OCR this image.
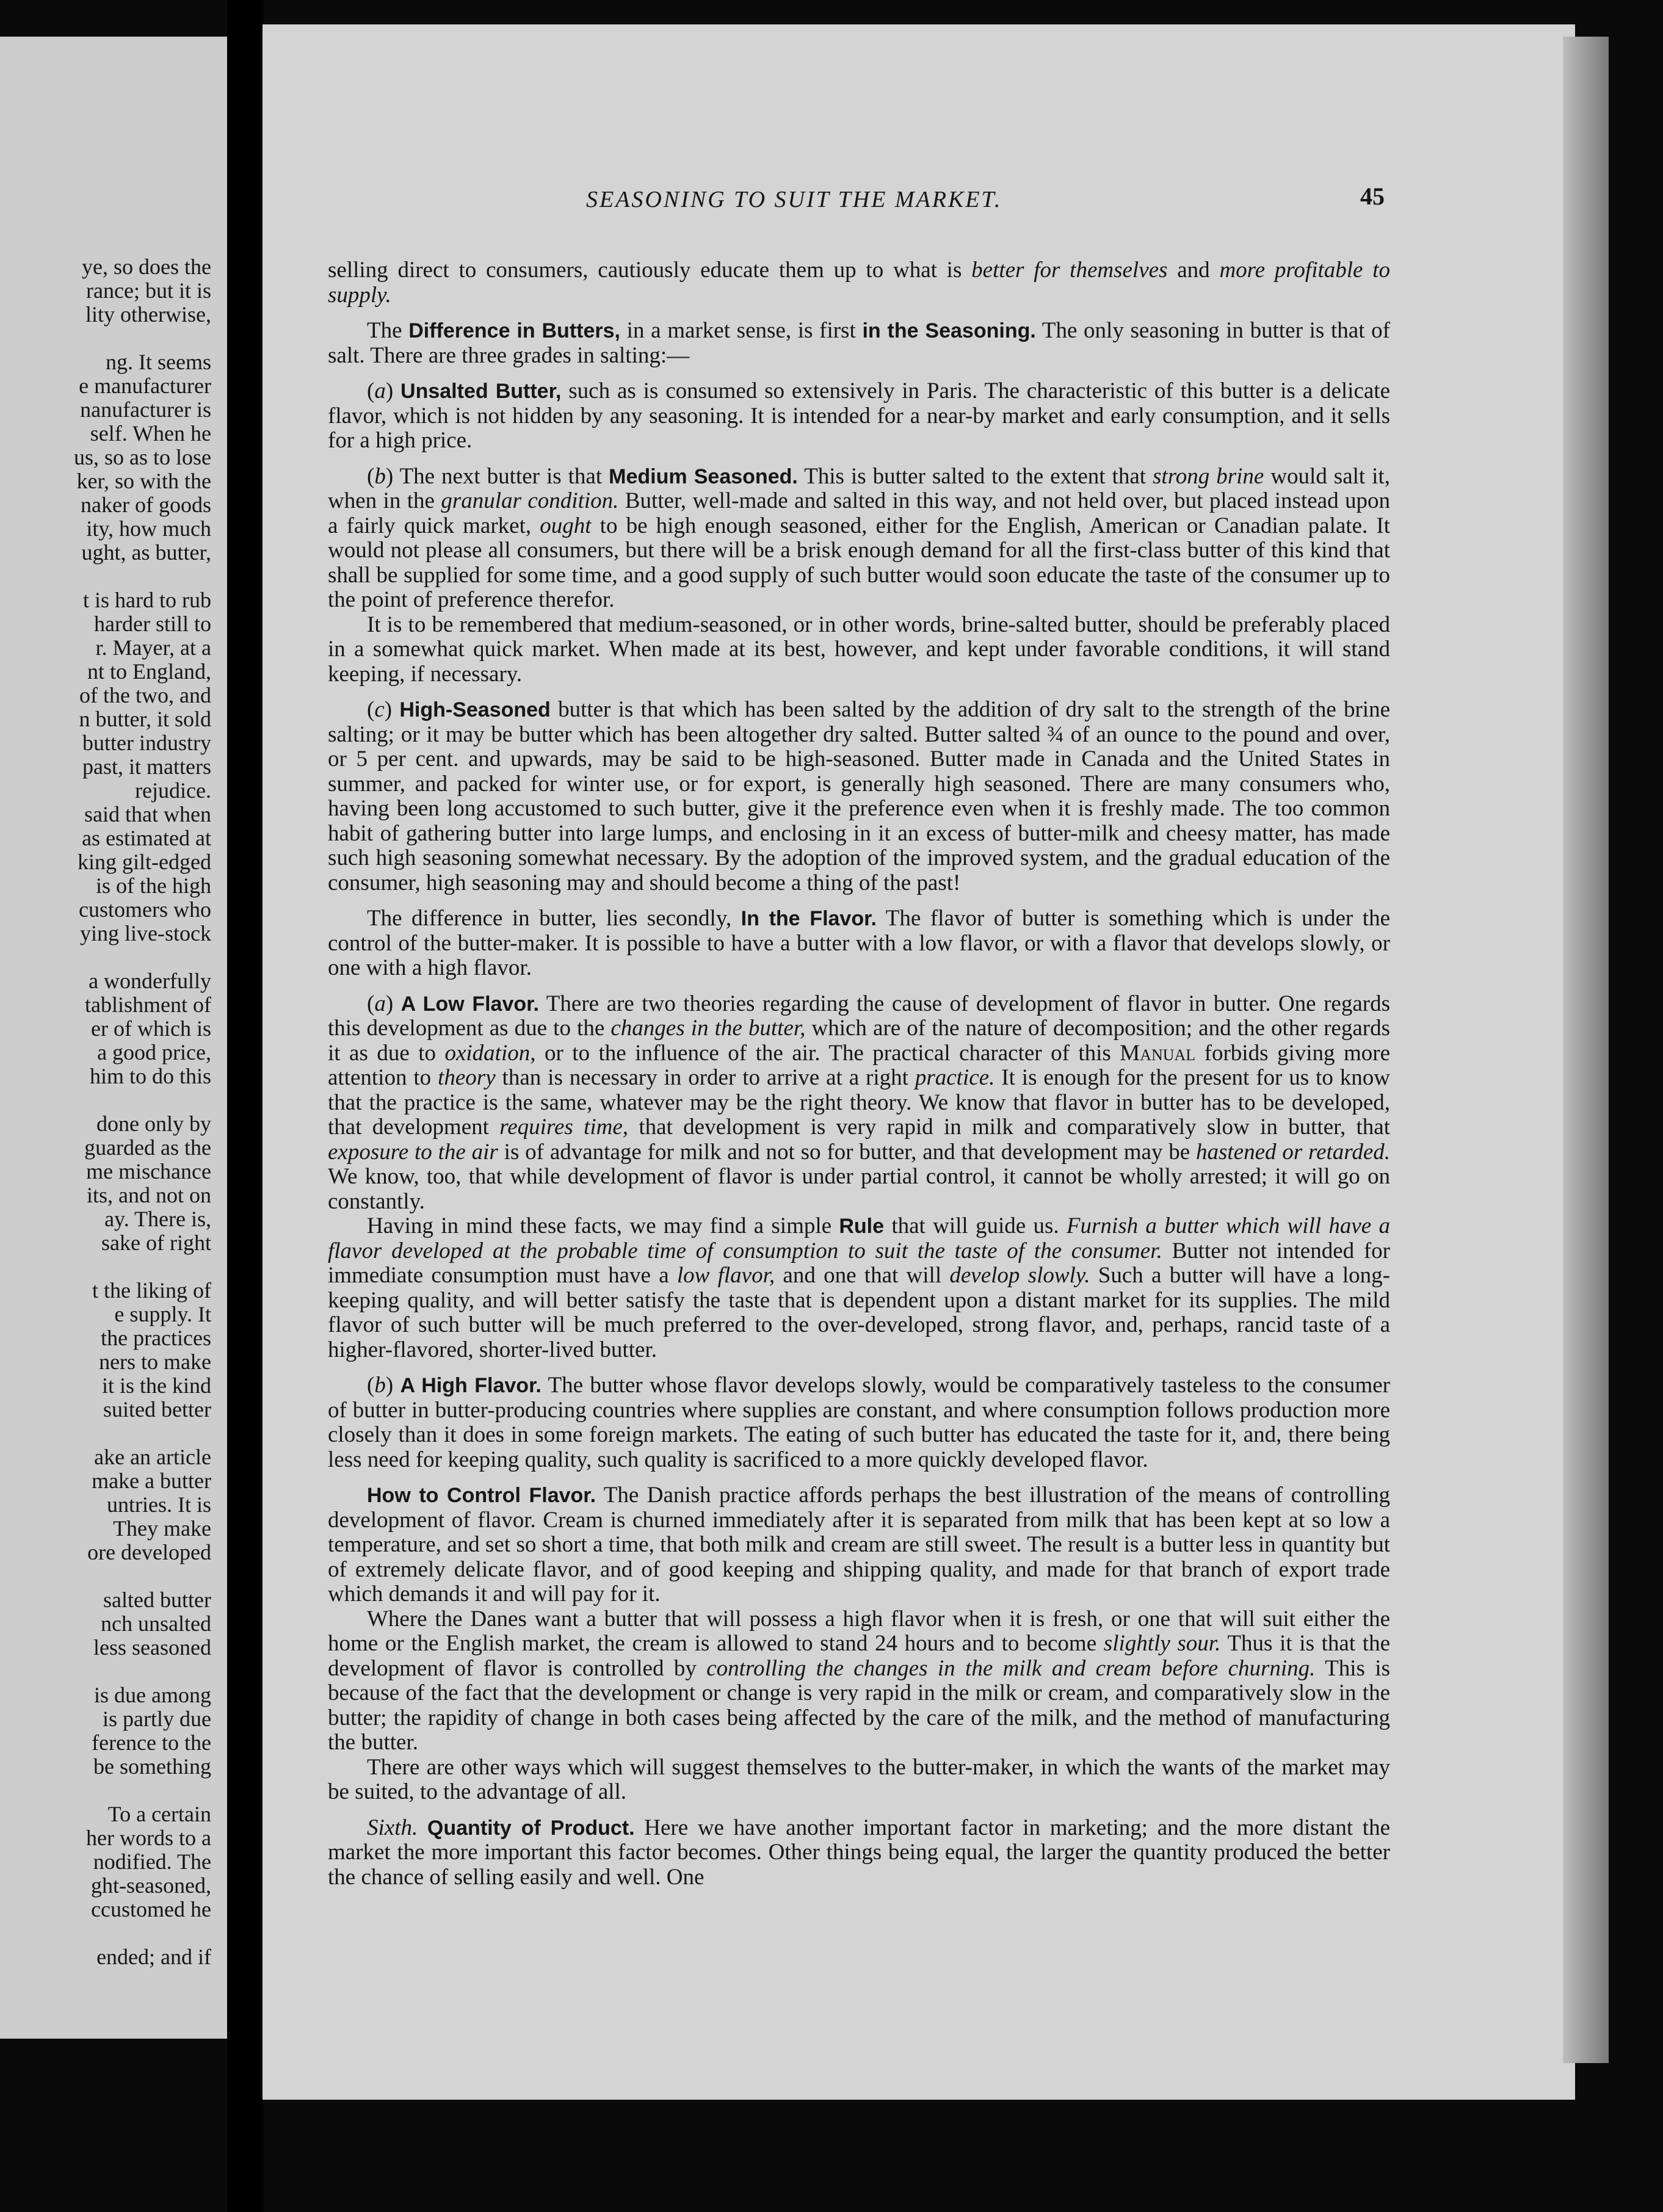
ye, so does the
rance; but it is
lity otherwise,
ng. It seems
e manufacturer
nanufacturer is
self. When he
us, so as to lose
ker, so with the
naker of goods
ity, how much
ught, as butter,
t is hard to rub
harder still to
r. Mayer, at a
nt to England,
of the two, and
n butter, it sold
butter industry
past, it matters
rejudice.
said that when
as estimated at
king gilt-edged
is of the high
customers who
ying live-stock
a wonderfully
tablishment of
er of which is
a good price,
him to do this
done only by
guarded as the
me mischance
its, and not on
ay. There is,
sake of right
t the liking of
e supply. It
the practices
ners to make
it is the kind
suited better
ake an article
make a butter
untries. It is
They make
ore developed
salted butter
nch unsalted
less seasoned
is due among
is partly due
ference to the
be something
To a certain
her words to a
nodified. The
ght-seasoned,
ccustomed he
ended; and if
SEASONING TO SUIT THE MARKET.	45

selling direct to consumers, cautiously educate them up to what is better for themselves and more profitable to supply.

The Difference in Butters, in a market sense, is first in the Seasoning. The only seasoning in butter is that of salt. There are three grades in salting:—

(a) Unsalted Butter, such as is consumed so extensively in Paris. The characteristic of this butter is a delicate flavor, which is not hidden by any seasoning. It is intended for a near-by market and early consumption, and it sells for a high price.

(b) The next butter is that Medium Seasoned. This is butter salted to the extent that strong brine would salt it, when in the granular condition. Butter, well-made and salted in this way, and not held over, but placed instead upon a fairly quick market, ought to be high enough seasoned, either for the English, American or Canadian palate. It would not please all consumers, but there will be a brisk enough demand for all the first-class butter of this kind that shall be supplied for some time, and a good supply of such butter would soon educate the taste of the consumer up to the point of preference therefor.

It is to be remembered that medium-seasoned, or in other words, brine-salted butter, should be preferably placed in a somewhat quick market. When made at its best, however, and kept under favorable conditions, it will stand keeping, if necessary.

(c) High-Seasoned butter is that which has been salted by the addition of dry salt to the strength of the brine salting; or it may be butter which has been altogether dry salted. Butter salted ¾ of an ounce to the pound and over, or 5 per cent. and upwards, may be said to be high-seasoned. Butter made in Canada and the United States in summer, and packed for winter use, or for export, is generally high seasoned. There are many consumers who, having been long accustomed to such butter, give it the preference even when it is freshly made. The too common habit of gathering butter into large lumps, and enclosing in it an excess of butter-milk and cheesy matter, has made such high seasoning somewhat necessary. By the adoption of the improved system, and the gradual education of the consumer, high seasoning may and should become a thing of the past!

The difference in butter, lies secondly, In the Flavor. The flavor of butter is something which is under the control of the butter-maker. It is possible to have a butter with a low flavor, or with a flavor that develops slowly, or one with a high flavor.

(a) A Low Flavor. There are two theories regarding the cause of development of flavor in butter. One regards this development as due to the changes in the butter, which are of the nature of decomposition; and the other regards it as due to oxidation, or to the influence of the air. The practical character of this Manual forbids giving more attention to theory than is necessary in order to arrive at a right practice. It is enough for the present for us to know that the practice is the same, whatever may be the right theory. We know that flavor in butter has to be developed, that development requires time, that development is very rapid in milk and comparatively slow in butter, that exposure to the air is of advantage for milk and not so for butter, and that development may be hastened or retarded. We know, too, that while development of flavor is under partial control, it cannot be wholly arrested; it will go on constantly.

Having in mind these facts, we may find a simple Rule that will guide us. Furnish a butter which will have a flavor developed at the probable time of consumption to suit the taste of the consumer. Butter not intended for immediate consumption must have a low flavor, and one that will develop slowly. Such a butter will have a long-keeping quality, and will better satisfy the taste that is dependent upon a distant market for its supplies. The mild flavor of such butter will be much preferred to the over-developed, strong flavor, and, perhaps, rancid taste of a higher-flavored, shorter-lived butter.

(b) A High Flavor. The butter whose flavor develops slowly, would be comparatively tasteless to the consumer of butter in butter-producing countries where supplies are constant, and where consumption follows production more closely than it does in some foreign markets. The eating of such butter has educated the taste for it, and, there being less need for keeping quality, such quality is sacrificed to a more quickly developed flavor.

How to Control Flavor. The Danish practice affords perhaps the best illustration of the means of controlling development of flavor. Cream is churned immediately after it is separated from milk that has been kept at so low a temperature, and set so short a time, that both milk and cream are still sweet. The result is a butter less in quantity but of extremely delicate flavor, and of good keeping and shipping quality, and made for that branch of export trade which demands it and will pay for it.

Where the Danes want a butter that will possess a high flavor when it is fresh, or one that will suit either the home or the English market, the cream is allowed to stand 24 hours and to become slightly sour. Thus it is that the development of flavor is controlled by controlling the changes in the milk and cream before churning. This is because of the fact that the development or change is very rapid in the milk or cream, and comparatively slow in the butter; the rapidity of change in both cases being affected by the care of the milk, and the method of manufacturing the butter.

There are other ways which will suggest themselves to the butter-maker, in which the wants of the market may be suited, to the advantage of all.

Sixth. Quantity of Product. Here we have another important factor in marketing; and the more distant the market the more important this factor becomes. Other things being equal, the larger the quantity produced the better the chance of selling easily and well. One
